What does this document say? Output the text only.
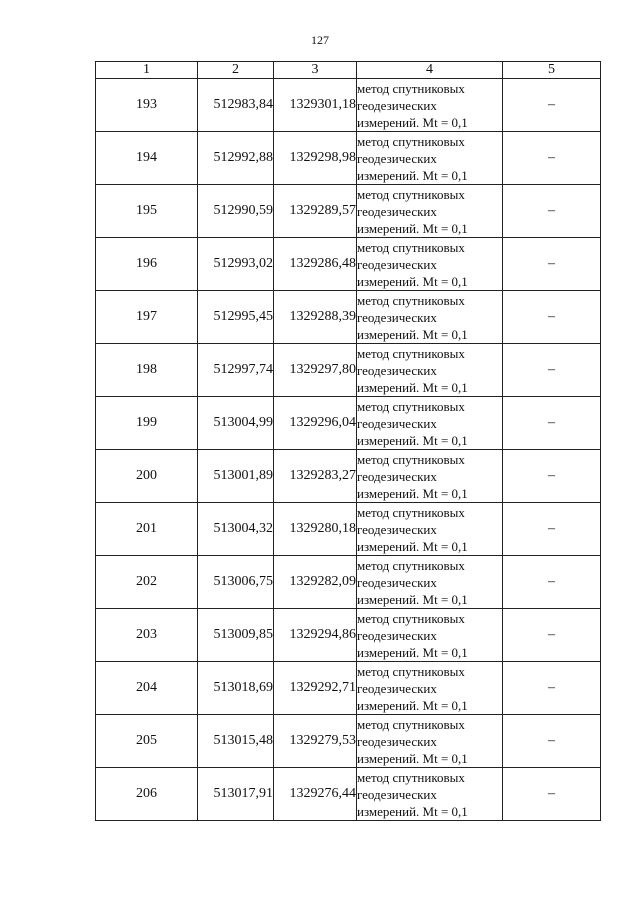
127
1	2	3	4	5
193	512983,84	1329301,18	метод спутниковых
геодезических
измерений. Mt = 0,1	–
194	512992,88	1329298,98	метод спутниковых
геодезических
измерений. Mt = 0,1	–
195	512990,59	1329289,57	метод спутниковых
геодезических
измерений. Mt = 0,1	–
196	512993,02	1329286,48	метод спутниковых
геодезических
измерений. Mt = 0,1	–
197	512995,45	1329288,39	метод спутниковых
геодезических
измерений. Mt = 0,1	–
198	512997,74	1329297,80	метод спутниковых
геодезических
измерений. Mt = 0,1	–
199	513004,99	1329296,04	метод спутниковых
геодезических
измерений. Mt = 0,1	–
200	513001,89	1329283,27	метод спутниковых
геодезических
измерений. Mt = 0,1	–
201	513004,32	1329280,18	метод спутниковых
геодезических
измерений. Mt = 0,1	–
202	513006,75	1329282,09	метод спутниковых
геодезических
измерений. Mt = 0,1	–
203	513009,85	1329294,86	метод спутниковых
геодезических
измерений. Mt = 0,1	–
204	513018,69	1329292,71	метод спутниковых
геодезических
измерений. Mt = 0,1	–
205	513015,48	1329279,53	метод спутниковых
геодезических
измерений. Mt = 0,1	–
206	513017,91	1329276,44	метод спутниковых
геодезических
измерений. Mt = 0,1	–
